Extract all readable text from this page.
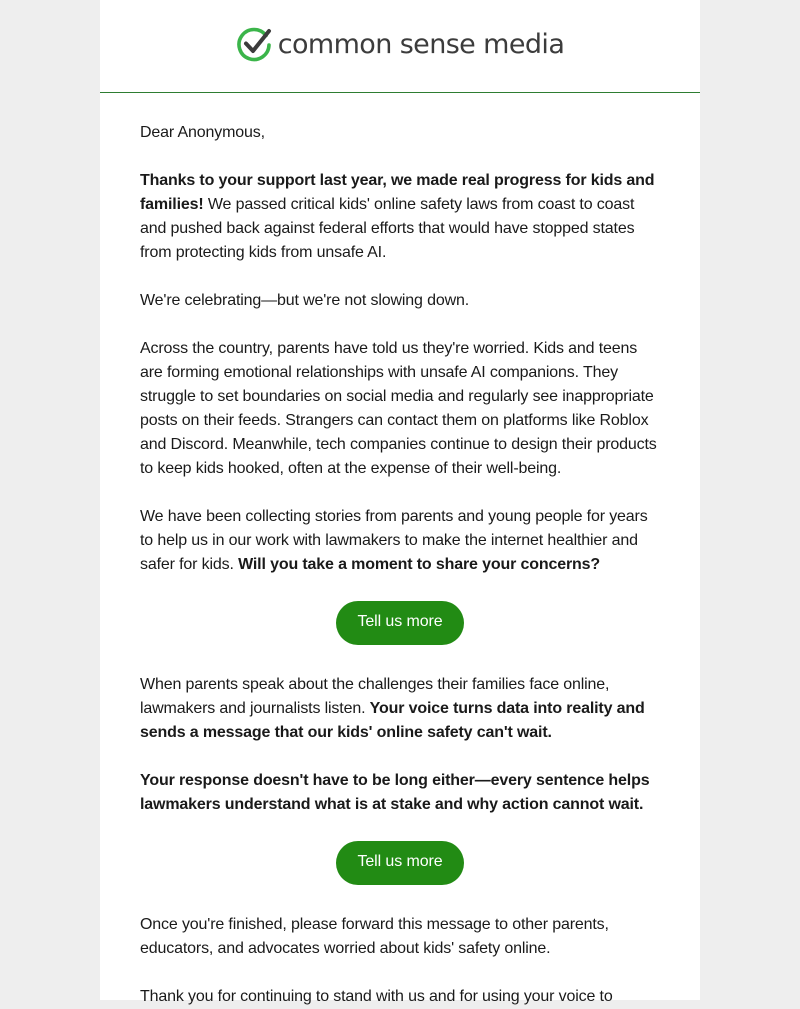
common sense media

Dear Anonymous,

Thanks to your support last year, we made real progress for kids and families! We passed critical kids' online safety laws from coast to coast and pushed back against federal efforts that would have stopped states from protecting kids from unsafe AI.

We're celebrating—but we're not slowing down.

Across the country, parents have told us they're worried. Kids and teens are forming emotional relationships with unsafe AI companions. They struggle to set boundaries on social media and regularly see inappropriate posts on their feeds. Strangers can contact them on platforms like Roblox and Discord. Meanwhile, tech companies continue to design their products to keep kids hooked, often at the expense of their well-being.

We have been collecting stories from parents and young people for years to help us in our work with lawmakers to make the internet healthier and safer for kids. Will you take a moment to share your concerns?

Tell us more

When parents speak about the challenges their families face online, lawmakers and journalists listen. Your voice turns data into reality and sends a message that our kids' online safety can't wait.

Your response doesn't have to be long either—every sentence helps lawmakers understand what is at stake and why action cannot wait.

Tell us more

Once you're finished, please forward this message to other parents, educators, and advocates worried about kids' safety online.

Thank you for continuing to stand with us and for using your voice to
